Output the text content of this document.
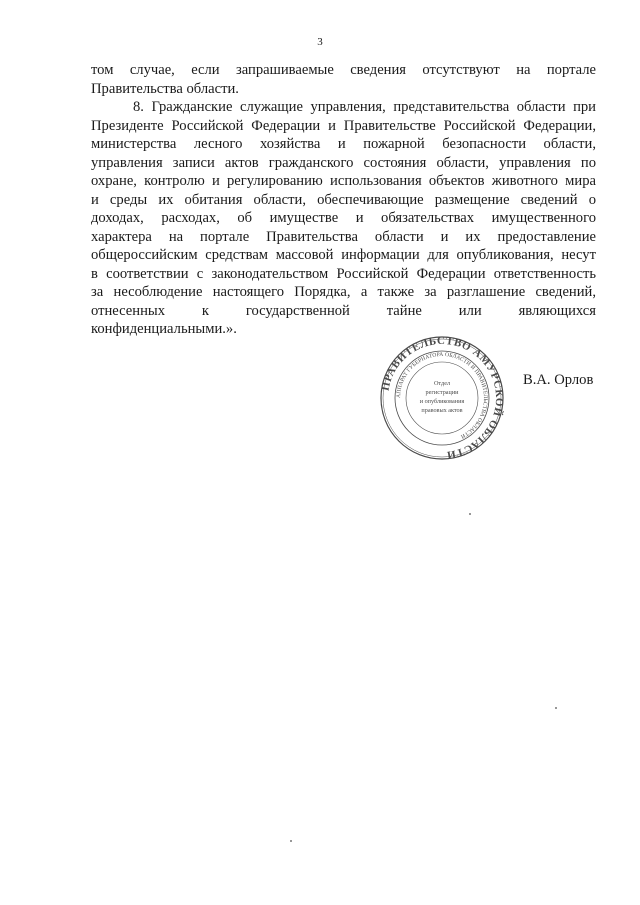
3
том случае, если запрашиваемые сведения отсутствуют на портале
Правительства области.
8. Гражданские служащие управления, представительства области при
Президенте Российской Федерации и Правительстве Российской Федерации,
министерства лесного хозяйства и пожарной безопасности области,
управления записи актов гражданского состояния области, управления по
охране, контролю и регулированию использования объектов животного мира
и среды их обитания области, обеспечивающие размещение сведений о
доходах, расходах, об имуществе и обязательствах имущественного
характера на портале Правительства области и их предоставление
общероссийским средствам массовой информации для опубликования, несут
в соответствии с законодательством Российской Федерации ответственность
за несоблюдение настоящего Порядка, а также за разглашение сведений,
отнесенных к государственной тайне или являющихся
конфиденциальными.».
ПРАВИТЕЛЬСТВО АМУРСКОЙ ОБЛАСТИ
АППАРАТ ГУБЕРНАТОРА ОБЛАСТИ И ПРАВИТЕЛЬСТВА ОБЛАСТИ
Отдел
регистрации
и опубликования
правовых актов
В.А. Орлов
